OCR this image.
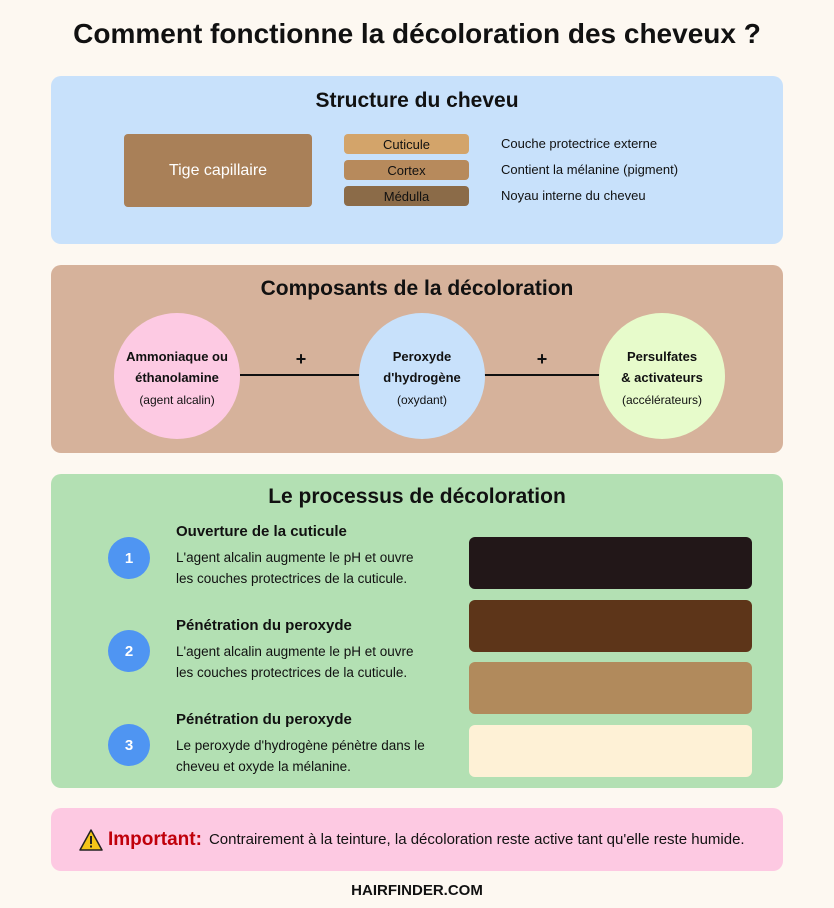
Comment fonctionne la décoloration des cheveux ?
Structure du cheveu
Tige capillaire
Cuticule
Cortex
Médulla
Couche protectrice externe
Contient la mélanine (pigment)
Noyau interne du cheveu
Composants de la décoloration
+	+
Ammoniaque ou
éthanolamine
(agent alcalin)
Peroxyde
d'hydrogène
(oxydant)
Persulfates
& activateurs
(accélérateurs)
Le processus de décoloration
1
Ouverture de la cuticule
L'agent alcalin augmente le pH et ouvre
les couches protectrices de la cuticule.
2
Pénétration du peroxyde
L'agent alcalin augmente le pH et ouvre
les couches protectrices de la cuticule.
3
Pénétration du peroxyde
Le peroxyde d'hydrogène pénètre dans le
cheveu et oxyde la mélanine.
Important: Contrairement à la teinture, la décoloration reste active tant qu'elle reste humide.
HAIRFINDER.COM
